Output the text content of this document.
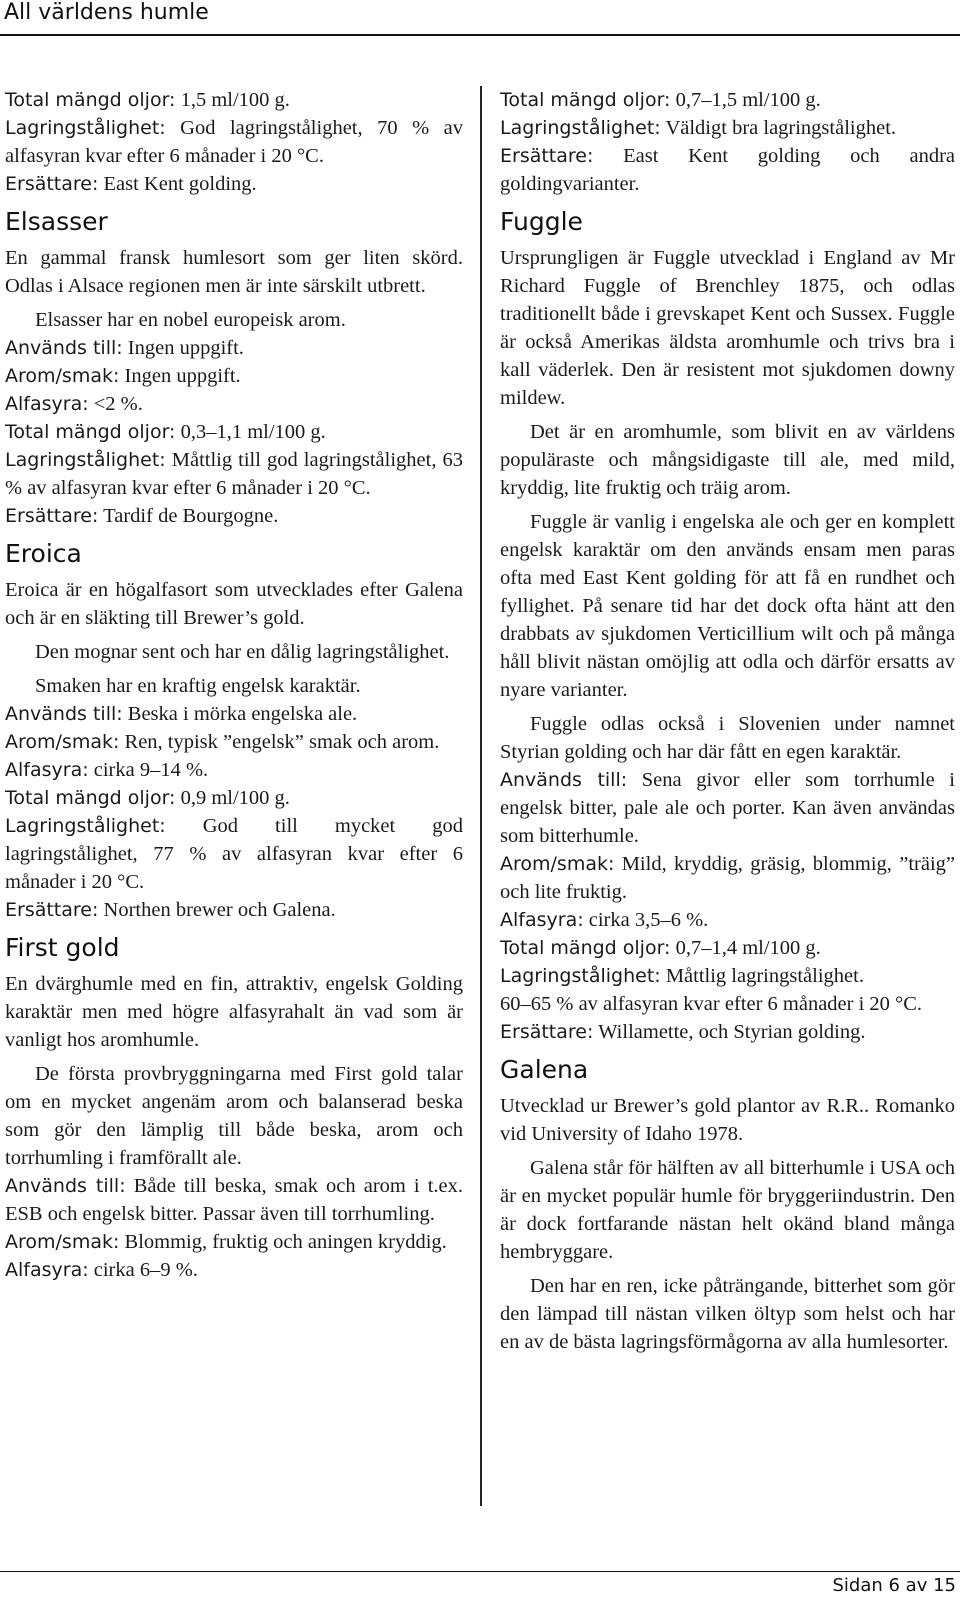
All världens humle

Total mängd oljor: 1,5 ml/100 g.

Lagringstålighet: God lagringstålighet, 70 % av alfasyran kvar efter 6 månader i 20 °C.

Ersättare: East Kent golding.

Elsasser

En gammal fransk humlesort som ger liten skörd. Odlas i Alsace regionen men är inte särskilt utbrett.

Elsasser har en nobel europeisk arom.

Används till: Ingen uppgift.

Arom/smak: Ingen uppgift.

Alfasyra: <2 %.

Total mängd oljor: 0,3–1,1 ml/100 g.

Lagringstålighet: Måttlig till god lagringstålighet, 63 % av alfasyran kvar efter 6 månader i 20 °C.

Ersättare: Tardif de Bourgogne.

Eroica

Eroica är en högalfasort som utvecklades efter Galena och är en släkting till Brewer’s gold.

Den mognar sent och har en dålig lagringstålighet.

Smaken har en kraftig engelsk karaktär.

Används till: Beska i mörka engelska ale.

Arom/smak: Ren, typisk ”engelsk” smak och arom.

Alfasyra: cirka 9–14 %.

Total mängd oljor: 0,9 ml/100 g.

Lagringstålighet: God till mycket god lagringstålighet, 77 % av alfasyran kvar efter 6 månader i 20 °C.

Ersättare: Northen brewer och Galena.

First gold

En dvärghumle med en fin, attraktiv, engelsk Golding karaktär men med högre alfasyrahalt än vad som är vanligt hos aromhumle.

De första provbryggningarna med First gold talar om en mycket angenäm arom och balanserad beska som gör den lämplig till både beska, arom och torrhumling i framförallt ale.

Används till: Både till beska, smak och arom i t.ex. ESB och engelsk bitter. Passar även till torrhumling.

Arom/smak: Blommig, fruktig och aningen kryddig.

Alfasyra: cirka 6–9 %.

Total mängd oljor: 0,7–1,5 ml/100 g.

Lagringstålighet: Väldigt bra lagringstålighet.

Ersättare: East Kent golding och andra goldingvarianter.

Fuggle

Ursprungligen är Fuggle utvecklad i England av Mr Richard Fuggle of Brenchley 1875, och odlas traditionellt både i grevskapet Kent och Sussex. Fuggle är också Amerikas äldsta aromhumle och trivs bra i kall väderlek. Den är resistent mot sjukdomen downy mildew.

Det är en aromhumle, som blivit en av världens populäraste och mångsidigaste till ale, med mild, kryddig, lite fruktig och träig arom.

Fuggle är vanlig i engelska ale och ger en komplett engelsk karaktär om den används ensam men paras ofta med East Kent golding för att få en rundhet och fyllighet. På senare tid har det dock ofta hänt att den drabbats av sjukdomen Verticillium wilt och på många håll blivit nästan omöjlig att odla och därför ersatts av nyare varianter.

Fuggle odlas också i Slovenien under namnet Styrian golding och har där fått en egen karaktär.

Används till: Sena givor eller som torrhumle i engelsk bitter, pale ale och porter. Kan även användas som bitterhumle.

Arom/smak: Mild, kryddig, gräsig, blommig, ”träig” och lite fruktig.

Alfasyra: cirka 3,5–6 %.

Total mängd oljor: 0,7–1,4 ml/100 g.

Lagringstålighet: Måttlig lagringstålighet.

60–65 % av alfasyran kvar efter 6 månader i 20 °C.

Ersättare: Willamette, och Styrian golding.

Galena

Utvecklad ur Brewer’s gold plantor av R.R.. Romanko vid University of Idaho 1978.

Galena står för hälften av all bitterhumle i USA och är en mycket populär humle för bryggeriindustrin. Den är dock fortfarande nästan helt okänd bland många hembryggare.

Den har en ren, icke påträngande, bitterhet som gör den lämpad till nästan vilken öltyp som helst och har en av de bästa lagringsförmågorna av alla humlesorter.

Sidan 6 av 15
